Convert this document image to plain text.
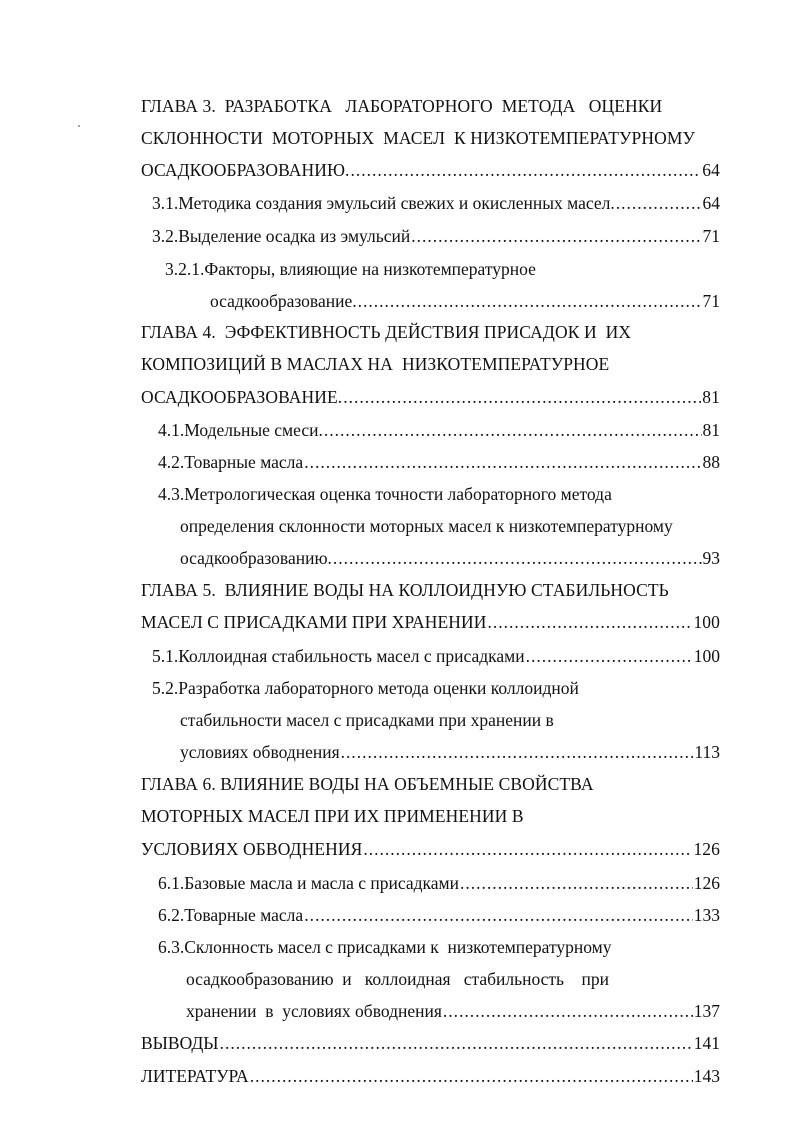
ГЛАВА 3.  РАЗРАБОТКА   ЛАБОРАТОРНОГО  МЕТОДА   ОЦЕНКИ
СКЛОННОСТИ  МОТОРНЫХ  МАСЕЛ  К НИЗКОТЕМПЕРАТУРНОМУ
ОСАДКООБРАЗОВАНИЮ. .....	64
3.1.Методика создания эмульсий свежих и окисленных масел. .....	64
3.2.Выделение осадка из эмульсий .....	71
3.2.1.Факторы, влияющие на низкотемпературное
осадкообразование. .....	71
ГЛАВА 4.  ЭФФЕКТИВНОСТЬ ДЕЙСТВИЯ ПРИСАДОК И  ИХ
КОМПОЗИЦИЙ В МАСЛАХ НА  НИЗКОТЕМПЕРАТУРНОЕ
ОСАДКООБРАЗОВАНИЕ. .....	81
4.1.Модельные смеси. .....	81
4.2.Товарные масла .....	88
4.3.Метрологическая оценка точности лабораторного метода
определения склонности моторных масел к низкотемпературному
осадкообразованию. .....	93
ГЛАВА 5.  ВЛИЯНИЕ ВОДЫ НА КОЛЛОИДНУЮ СТАБИЛЬНОСТЬ
МАСЕЛ С ПРИСАДКАМИ ПРИ ХРАНЕНИИ .....	100
5.1.Коллоидная стабильность масел с присадками .....	100
5.2.Разработка лабораторного метода оценки коллоидной
стабильности масел с присадками при хранении в
условиях обводнения .....	113
ГЛАВА 6. ВЛИЯНИЕ ВОДЫ НА ОБЪЕМНЫЕ СВОЙСТВА
МОТОРНЫХ МАСЕЛ ПРИ ИХ ПРИМЕНЕНИИ В
УСЛОВИЯХ ОБВОДНЕНИЯ .....	126
6.1.Базовые масла и масла с присадками .....	126
6.2.Товарные масла .....	133
6.3.Склонность масел с присадками к  низкотемпературному
осадкообразованию  и   коллоидная   стабильность    при
хранении  в  условиях обводнения .....	137
ВЫВОДЫ .....	141
ЛИТЕРАТУРА .....	143
